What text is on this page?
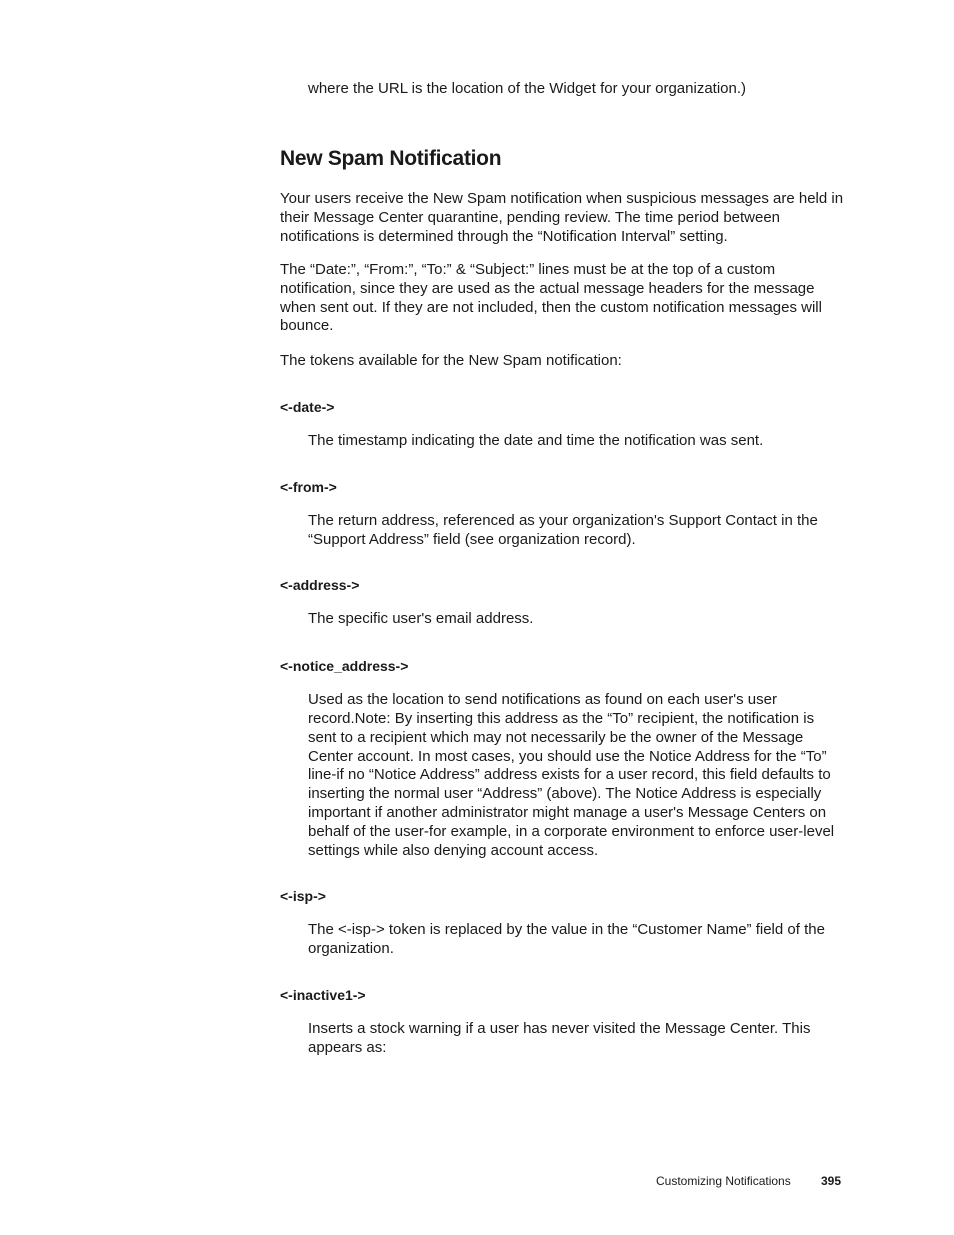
where the URL is the location of the Widget for your organization.)
New Spam Notification

Your users receive the New Spam notification when suspicious messages are held in their Message Center quarantine, pending review. The time period between notifications is determined through the “Notification Interval” setting.

The “Date:”, “From:”, “To:” & “Subject:” lines must be at the top of a custom notification, since they are used as the actual message headers for the message when sent out. If they are not included, then the custom notification messages will bounce.

The tokens available for the New Spam notification:

<-date->

The timestamp indicating the date and time the notification was sent.

<-from->

The return address, referenced as your organization's Support Contact in the “Support Address” field (see organization record).

<-address->

The specific user's email address.

<-notice_address->

Used as the location to send notifications as found on each user's user record.Note: By inserting this address as the “To” recipient, the notification is sent to a recipient which may not necessarily be the owner of the Message Center account. In most cases, you should use the Notice Address for the “To” line-if no “Notice Address” address exists for a user record, this field defaults to inserting the normal user “Address” (above). The Notice Address is especially important if another administrator might manage a user's Message Centers on behalf of the user-for example, in a corporate environment to enforce user-level settings while also denying account access.

<-isp->

The <-isp-> token is replaced by the value in the “Customer Name” field of the organization.

<-inactive1->

Inserts a stock warning if a user has never visited the Message Center. This appears as:

Customizing Notifications	395
